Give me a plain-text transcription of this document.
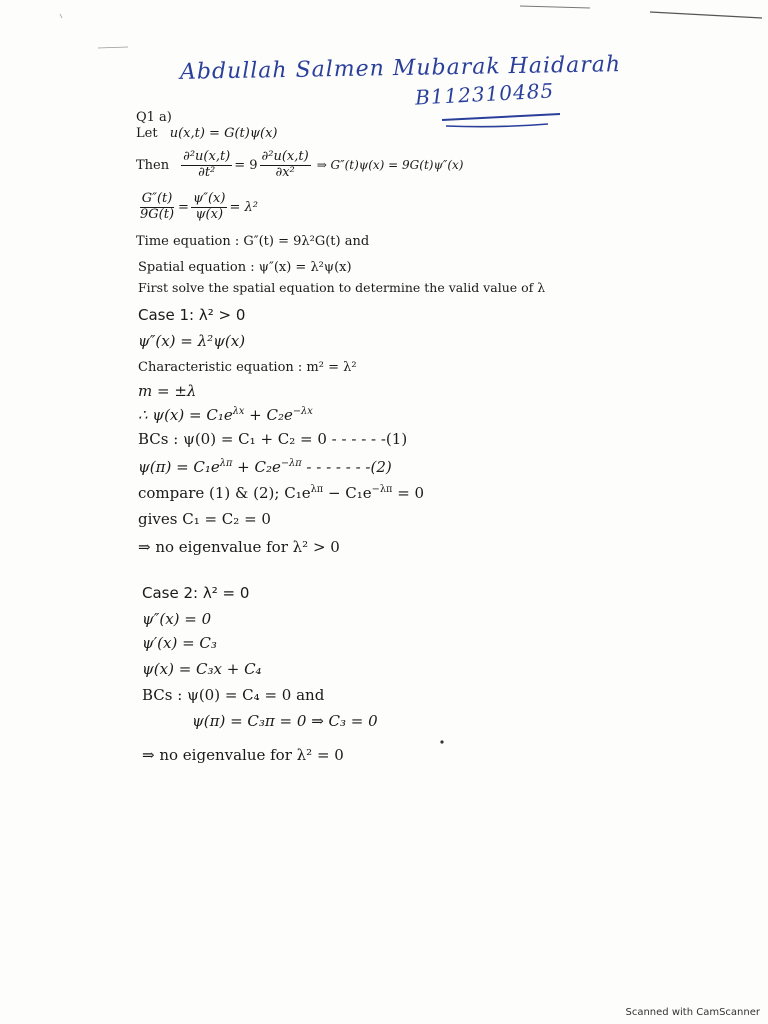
Abdullah Salmen Mubarak Haidarah
B112310485
Q1 a)
Let u(x,t) = G(t)ψ(x)
Then $\frac{\text{∂²u(x,t)}}{\text{∂t²}} = 9 \frac{\text{∂²u(x,t)}}{\text{∂x²}}$ ⇒ G″(t)ψ(x) = 9G(t)ψ″(x)
$\frac{G''(t)}{9G(t)} = \frac{\psi''(x)}{\psi(x)} = \lambda^2$
Time equation : G″(t) = 9λ²G(t) and
Spatial equation : ψ″(x) = λ²ψ(x)
First solve the spatial equation to determine the valid value of λ
Case 1: λ² > 0
ψ″(x) = λ²ψ(x)
Characteristic equation : m² = λ²
m = ±λ
∴ $\psi(x) = C_1e^{\lambda x} + C_2e^{-\lambda x}$
BCs : ψ(0) = C₁ + C₂ = 0 - - - - - -(1)
$\psi(\pi) = C_1e^{\lambda\pi} + C_2e^{-\lambda\pi}$ - - - - - - -(2)
compare (1) & (2); $C_1e^{\lambda\pi} - C_1e^{-\lambda\pi} = 0$
gives C₁ = C₂ = 0
⇒ no eigenvalue for λ² > 0
Case 2: λ² = 0
ψ″(x) = 0
ψ′(x) = C₃
ψ(x) = C₃x + C₄
BCs : ψ(0) = C₄ = 0 and
ψ(π) = C₃π = 0 ⇒ C₃ = 0
⇒ no eigenvalue for λ² = 0
Scanned with CamScanner
